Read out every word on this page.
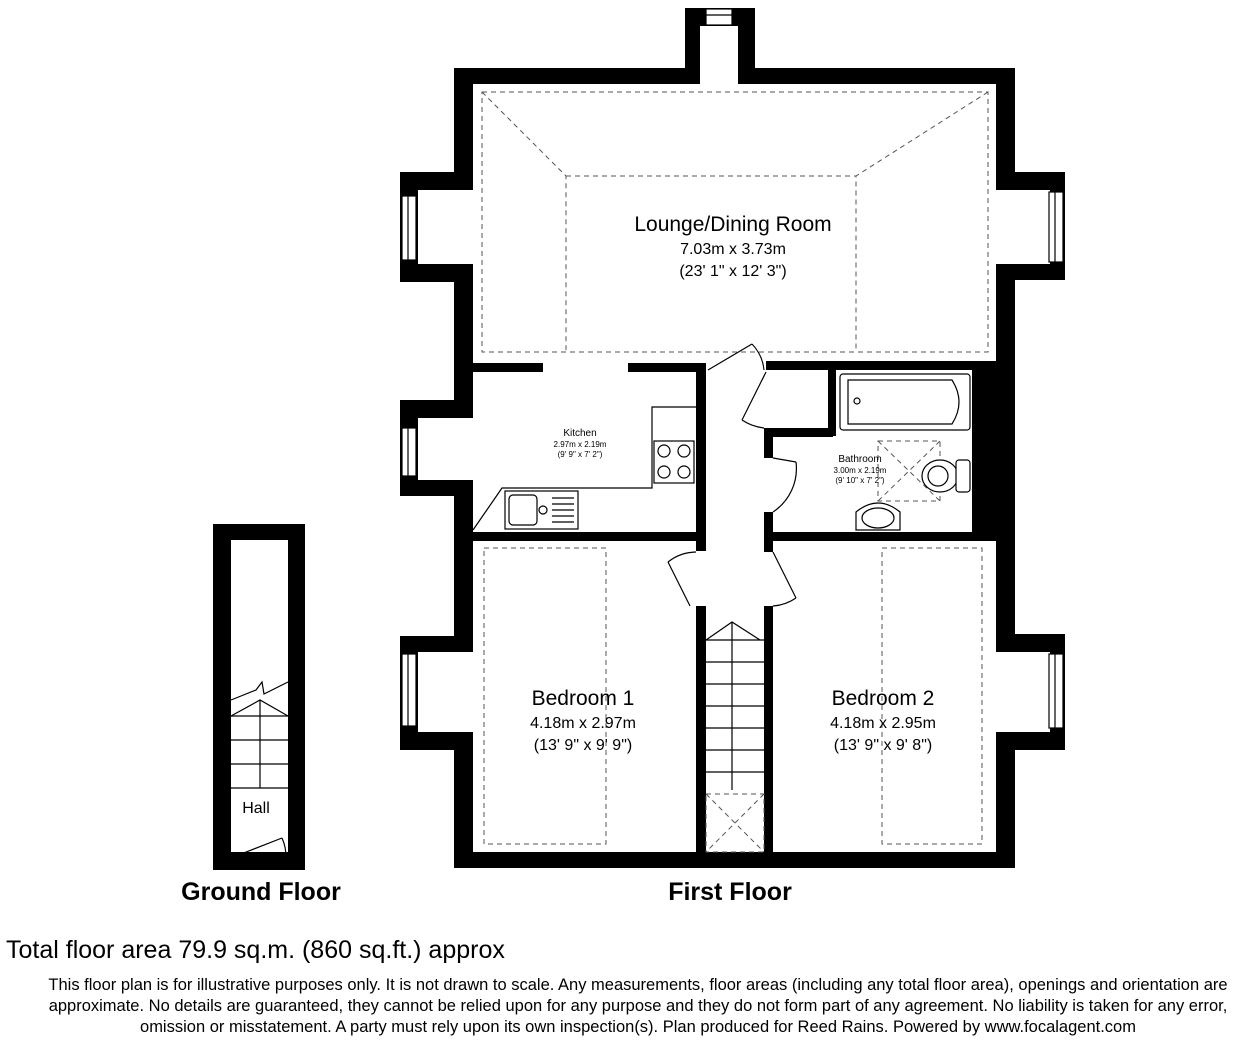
Lounge/Dining Room
7.03m x 3.73m
(23' 1" x 12' 3")
Kitchen
2.97m x 2.19m
(9' 9" x 7' 2")	Bathroom
3.00m x 2.19m
(9' 10" x 7' 2")
Bedroom 1
4.18m x 2.97m
(13' 9" x 9' 9")
Bedroom 2
4.18m x 2.95m
(13' 9" x 9' 8")
Hall
Ground Floor	First Floor
Total floor area 79.9 sq.m. (860 sq.ft.) approx
This floor plan is for illustrative purposes only. It is not drawn to scale. Any measurements, floor areas (including any total floor area), openings and orientation are approximate. No details are guaranteed, they cannot be relied upon for any purpose and they do not form part of any agreement. No liability is taken for any error, omission or misstatement. A party must rely upon its own inspection(s). Plan produced for Reed Rains. Powered by www.focalagent.com
